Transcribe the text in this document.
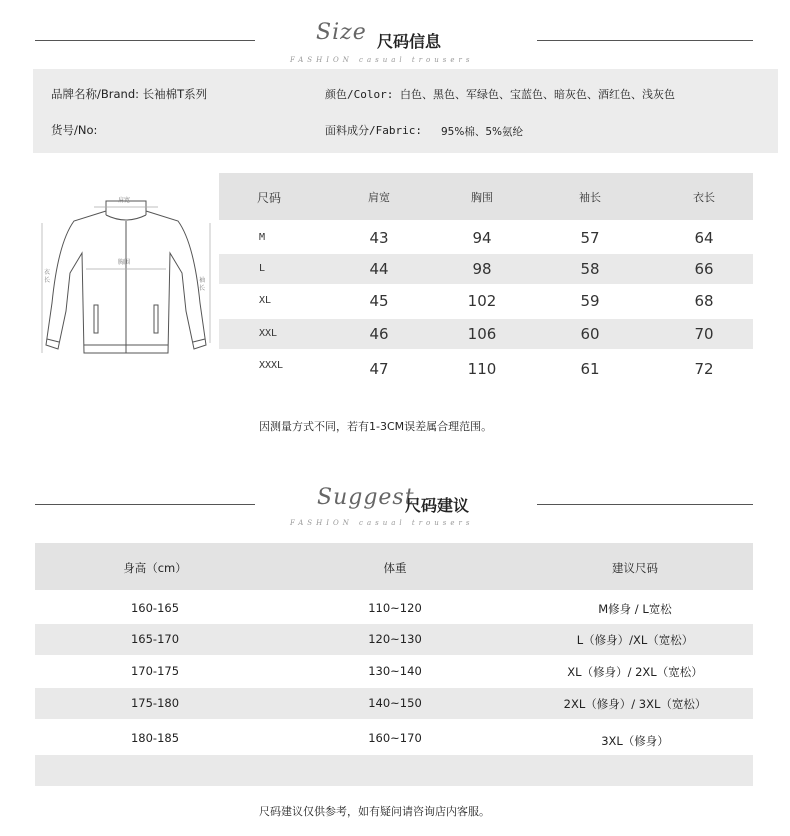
Size 尺码信息
FASHION casual trousers
品牌名称/Brand: 长袖棉T系列	颜色/Color: 白色、黑色、军绿色、宝蓝色、暗灰色、酒红色、浅灰色
货号/No:	面料成分/Fabric: 95%棉、5%氨纶
肩宽
胸围
衣长	袖长
尺码	肩宽	胸围	袖长	衣长
M	43	94	57	64
L	44	98	58	66
XL	45	102	59	68
XXL	46	106	60	70
XXXL	47	110	61	72
因测量方式不同，若有1-3CM误差属合理范围。
Suggest
尺码建议
FASHION casual trousers
身高（cm）	体重	建议尺码
160-165	110~120	M修身 / L宽松
165-170	120~130	L（修身）/XL（宽松）
170-175	130~140	XL（修身）/ 2XL（宽松）
175-180	140~150	2XL（修身）/ 3XL（宽松）
180-185	160~170	3XL（修身）
尺码建议仅供参考，如有疑问请咨询店内客服。
